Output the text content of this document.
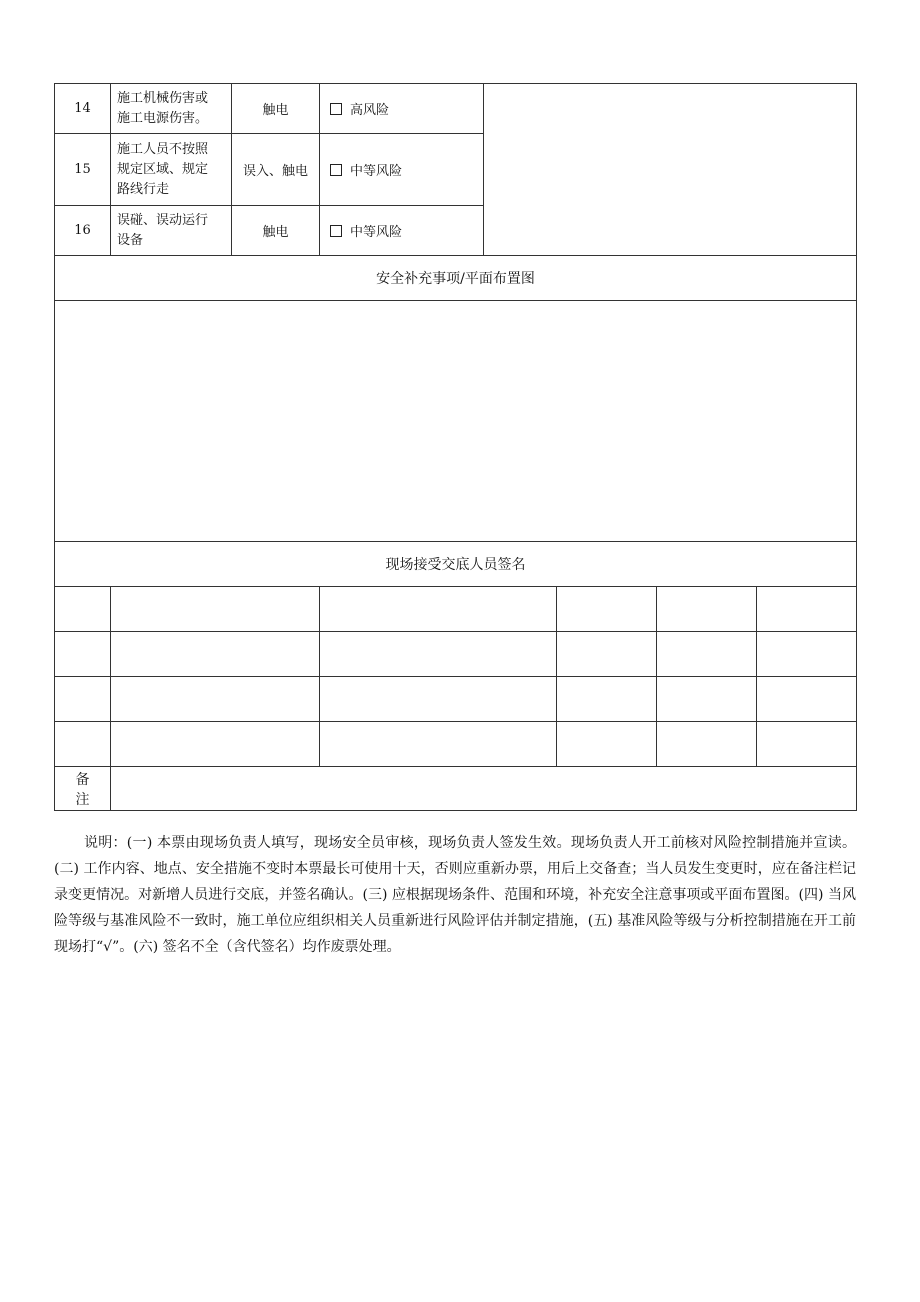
14	施工机械伤害或
施工电源伤害。	触电	高风险				
15	施工人员不按照
规定区域、规定
路线行走	误入、触电	中等风险				
16	误碰、误动运行
设备	触电	中等风险				
安全补充事项/平面布置图							

现场接受交底人员签名							

备注							

说明：(一) 本票由现场负责人填写，现场安全员审核，现场负责人签发生效。现场负责人开工前核对风险控制措施并宣读。(二) 工作内容、地点、安全措施不变时本票最长可使用十天，否则应重新办票，用后上交备查；当人员发生变更时，应在备注栏记录变更情况。对新增人员进行交底，并签名确认。(三) 应根据现场条件、范围和环境，补充安全注意事项或平面布置图。(四) 当风险等级与基准风险不一致时，施工单位应组织相关人员重新进行风险评估并制定措施，(五) 基准风险等级与分析控制措施在开工前现场打“√”。(六) 签名不全（含代签名）均作废票处理。
